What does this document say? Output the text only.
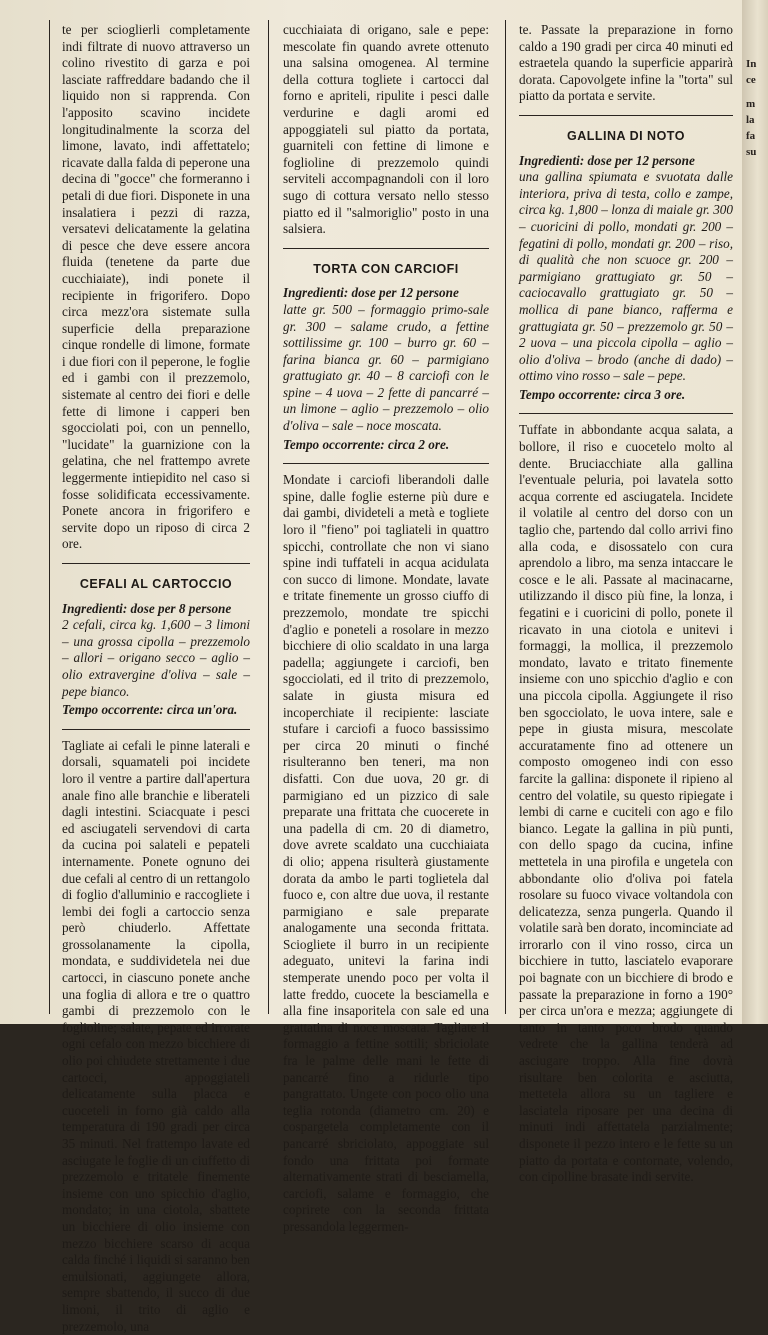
te per scioglierli completamente indi filtrate di nuovo attraverso un colino rivestito di garza e poi lasciate raffreddare badando che il liquido non si rapprenda. Con l'apposito scavino incidete longitudinalmente la scorza del limone, lavato, indi affettatelo; ricavate dalla falda di peperone una decina di "gocce" che formeranno i petali di due fiori. Disponete in una insalatiera i pezzi di razza, versatevi delicatamente la gelatina di pesce che deve essere ancora fluida (tenetene da parte due cucchiaiate), indi ponete il recipiente in frigorifero. Dopo circa mezz'ora sistemate sulla superficie della preparazione cinque rondelle di limone, formate i due fiori con il peperone, le foglie ed i gambi con il prezzemolo, sistemate al centro dei fiori e delle fette di limone i capperi ben sgocciolati poi, con un pennello, "lucidate" la guarnizione con la gelatina, che nel frattempo avrete leggermente intiepidito nel caso si fosse solidificata eccessivamente. Ponete ancora in frigorifero e servite dopo un riposo di circa 2 ore.

CEFALI AL CARTOCCIO

Ingredienti: dose per 8 persone

2 cefali, circa kg. 1,600 – 3 limoni – una grossa cipolla – prezzemolo – allori – origano secco – aglio – olio extravergine d'oliva – sale – pepe bianco.

Tempo occorrente: circa un'ora.

Tagliate ai cefali le pinne laterali e dorsali, squamateli poi incidete loro il ventre a partire dall'apertura anale fino alle branchie e liberateli dagli intestini. Sciacquate i pesci ed asciugateli servendovi di carta da cucina poi salateli e pepateli internamente. Ponete ognuno dei due cefali al centro di un rettangolo di foglio d'alluminio e raccogliete i lembi dei fogli a cartoccio senza però chiuderlo. Affettate grossolanamente la cipolla, mondata, e suddividetela nei due cartocci, in ciascuno ponete anche una foglia di allora e tre o quattro gambi di prezzemolo con le foglioline; salate, pepate ed irrorate ogni cefalo con mezzo bicchiere di olio poi chiudete strettamente i due cartocci, appoggiateli delicatamente sulla placca e cuoceteli in forno già caldo alla temperatura di 190 gradi per circa 35 minuti. Nel frattempo lavate ed asciugate le foglie di un ciuffetto di prezzemolo e tritatele finemente insieme con uno spicchio d'aglio, mondato; in una ciotola, sbattete un bicchiere di olio insieme con mezzo bicchiere scarso di acqua calda finché i liquidi si saranno ben emulsionati, aggiungete allora, sempre sbattendo, il succo di due limoni, il trito di aglio e prezzemolo, una

cucchiaiata di origano, sale e pepe: mescolate fin quando avrete ottenuto una salsina omogenea. Al termine della cottura togliete i cartocci dal forno e apriteli, ripulite i pesci dalle verdurine e dagli aromi ed appoggiateli sul piatto da portata, guarniteli con fettine di limone e foglioline di prezzemolo quindi serviteli accompagnandoli con il loro sugo di cottura versato nello stesso piatto ed il "salmoriglio" posto in una salsiera.

TORTA CON CARCIOFI

Ingredienti: dose per 12 persone

latte gr. 500 – formaggio primo-sale gr. 300 – salame crudo, a fettine sottilissime gr. 100 – burro gr. 60 – farina bianca gr. 60 – parmigiano grattugiato gr. 40 – 8 carciofi con le spine – 4 uova – 2 fette di pancarré – un limone – aglio – prezzemolo – olio d'oliva – sale – noce moscata.

Tempo occorrente: circa 2 ore.

Mondate i carciofi liberandoli dalle spine, dalle foglie esterne più dure e dai gambi, divideteli a metà e togliete loro il "fieno" poi tagliateli in quattro spicchi, controllate che non vi siano spine indi tuffateli in acqua acidulata con succo di limone. Mondate, lavate e tritate finemente un grosso ciuffo di prezzemolo, mondate tre spicchi d'aglio e poneteli a rosolare in mezzo bicchiere di olio scaldato in una larga padella; aggiungete i carciofi, ben sgocciolati, ed il trito di prezzemolo, salate in giusta misura ed incoperchiate il recipiente: lasciate stufare i carciofi a fuoco bassissimo per circa 20 minuti o finché risulteranno ben teneri, ma non disfatti. Con due uova, 20 gr. di parmigiano ed un pizzico di sale preparate una frittata che cuocerete in una padella di cm. 20 di diametro, dove avrete scaldato una cucchiaiata di olio; appena risulterà giustamente dorata da ambo le parti toglietela dal fuoco e, con altre due uova, il restante parmigiano e sale preparate analogamente una seconda frittata. Sciogliete il burro in un recipiente adeguato, unitevi la farina indi stemperate unendo poco per volta il latte freddo, cuocete la besciamella e alla fine insaporitela con sale ed una grattatina di noce moscata. Tagliate il formaggio a fettine sottili; sbriciolate fra le palme delle mani le fette di pancarré fino a ridurle tipo pangrattato. Ungete con poco olio una teglia rotonda (diametro cm. 20) e cospargetela completamente con il pancarré sbriciolato, appoggiate sul fondo una frittata poi formate alternativamente strati di besciamella, carciofi, salame e formaggio, che coprirete con la seconda frittata pressandola leggermen-

te. Passate la preparazione in forno caldo a 190 gradi per circa 40 minuti ed estraetela quando la superficie apparirà dorata. Capovolgete infine la "torta" sul piatto da portata e servite.

GALLINA DI NOTO

Ingredienti: dose per 12 persone

una gallina spiumata e svuotata dalle interiora, priva di testa, collo e zampe, circa kg. 1,800 – lonza di maiale gr. 300 – cuoricini di pollo, mondati gr. 200 – fegatini di pollo, mondati gr. 200 – riso, di qualità che non scuoce gr. 200 – parmigiano grattugiato gr. 50 – caciocavallo grattugiato gr. 50 – mollica di pane bianco, rafferma e grattugiata gr. 50 – prezzemolo gr. 50 – 2 uova – una piccola cipolla – aglio – olio d'oliva – brodo (anche di dado) – ottimo vino rosso – sale – pepe.

Tempo occorrente: circa 3 ore.

Tuffate in abbondante acqua salata, a bollore, il riso e cuocetelo molto al dente. Bruciacchiate alla gallina l'eventuale peluria, poi lavatela sotto acqua corrente ed asciugatela. Incidete il volatile al centro del dorso con un taglio che, partendo dal collo arrivi fino alla coda, e disossatelo con cura aprendolo a libro, ma senza intaccare le cosce e le ali. Passate al macinacarne, utilizzando il disco più fine, la lonza, i fegatini e i cuoricini di pollo, ponete il ricavato in una ciotola e unitevi i formaggi, la mollica, il prezzemolo mondato, lavato e tritato finemente insieme con uno spicchio d'aglio e con una piccola cipolla. Aggiungete il riso ben sgocciolato, le uova intere, sale e pepe in giusta misura, mescolate accuratamente fino ad ottenere un composto omogeneo indi con esso farcite la gallina: disponete il ripieno al centro del volatile, su questo ripiegate i lembi di carne e cuciteli con ago e filo bianco. Legate la gallina in più punti, con dello spago da cucina, infine mettetela in una pirofila e ungetela con abbondante olio d'oliva poi fatela rosolare su fuoco vivace voltandola con delicatezza, senza pungerla. Quando il volatile sarà ben dorato, incominciate ad irrorarlo con il vino rosso, circa un bicchiere in tutto, lasciatelo evaporare poi bagnate con un bicchiere di brodo e passate la preparazione in forno a 190° per circa un'ora e mezza; aggiungete di tanto in tanto poco brodo quando vedrete che la gallina tenderà ad asciugare troppo. Alla fine dovrà risultare ben colorita e asciutta, mettetela allora su un tagliere e lasciatela riposare per una decina di minuti indi affettatela parzialmente; disponete il pezzo intero e le fette su un piatto da portata e contornate, volendo, con cipolline brasate indi servite.

In
ce
m
la
fa
su
